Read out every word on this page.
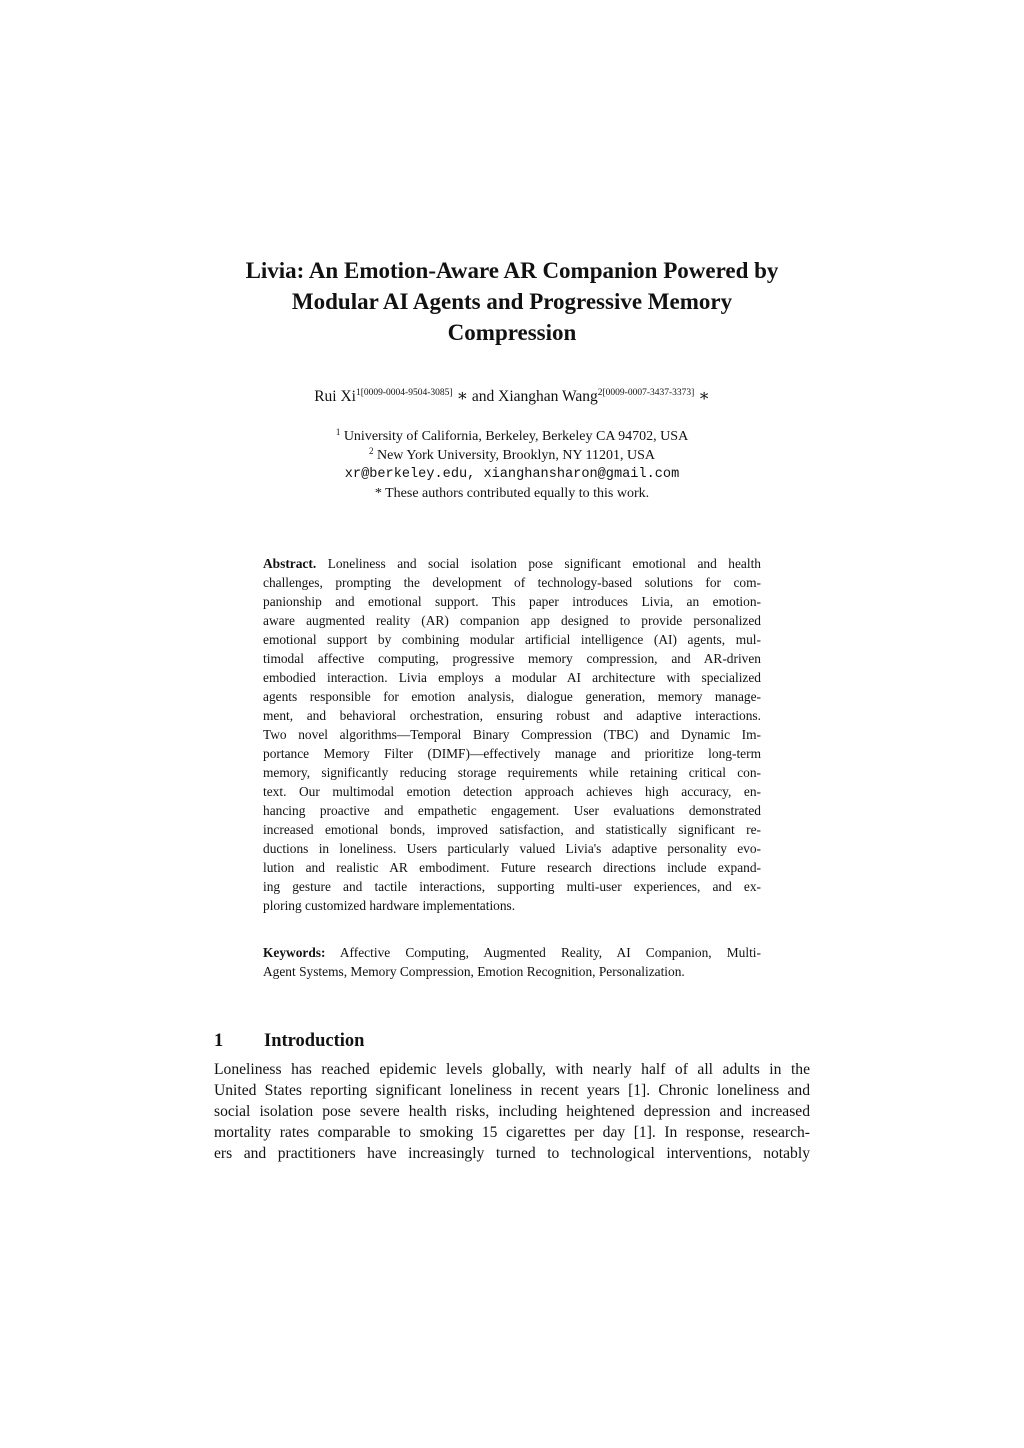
Livia: An Emotion-Aware AR Companion Powered by
Modular AI Agents and Progressive Memory
Compression
Rui $Xi^{1[0009-0004-9504-3085]}$ ∗ and Xianghan Wang$^{2[0009-0007-3437-3373]}$ ∗
$^1$ University of California, Berkeley, Berkeley CA 94702, USA
$^2$ New York University, Brooklyn, NY 11201, USA
xr@berkeley.edu, xianghansharon@gmail.com
* These authors contributed equally to this work.
Abstract. Loneliness and social isolation pose significant emotional and health
challenges, prompting the development of technology-based solutions for com-
panionship and emotional support. This paper introduces Livia, an emotion-
aware augmented reality (AR) companion app designed to provide personalized
emotional support by combining modular artificial intelligence (AI) agents, mul-
timodal affective computing, progressive memory compression, and AR-driven
embodied interaction. Livia employs a modular AI architecture with specialized
agents responsible for emotion analysis, dialogue generation, memory manage-
ment, and behavioral orchestration, ensuring robust and adaptive interactions.
Two novel algorithms—Temporal Binary Compression (TBC) and Dynamic Im-
portance Memory Filter (DIMF)—effectively manage and prioritize long-term
memory, significantly reducing storage requirements while retaining critical con-
text. Our multimodal emotion detection approach achieves high accuracy, en-
hancing proactive and empathetic engagement. User evaluations demonstrated
increased emotional bonds, improved satisfaction, and statistically significant re-
ductions in loneliness. Users particularly valued Livia's adaptive personality evo-
lution and realistic AR embodiment. Future research directions include expand-
ing gesture and tactile interactions, supporting multi-user experiences, and ex-
ploring customized hardware implementations.
Keywords: Affective Computing, Augmented Reality, AI Companion, Multi-
Agent Systems, Memory Compression, Emotion Recognition, Personalization.
1 Introduction
Loneliness has reached epidemic levels globally, with nearly half of all adults in the
United States reporting significant loneliness in recent years [1]. Chronic loneliness and
social isolation pose severe health risks, including heightened depression and increased
mortality rates comparable to smoking 15 cigarettes per day [1]. In response, research-
ers and practitioners have increasingly turned to technological interventions, notably
